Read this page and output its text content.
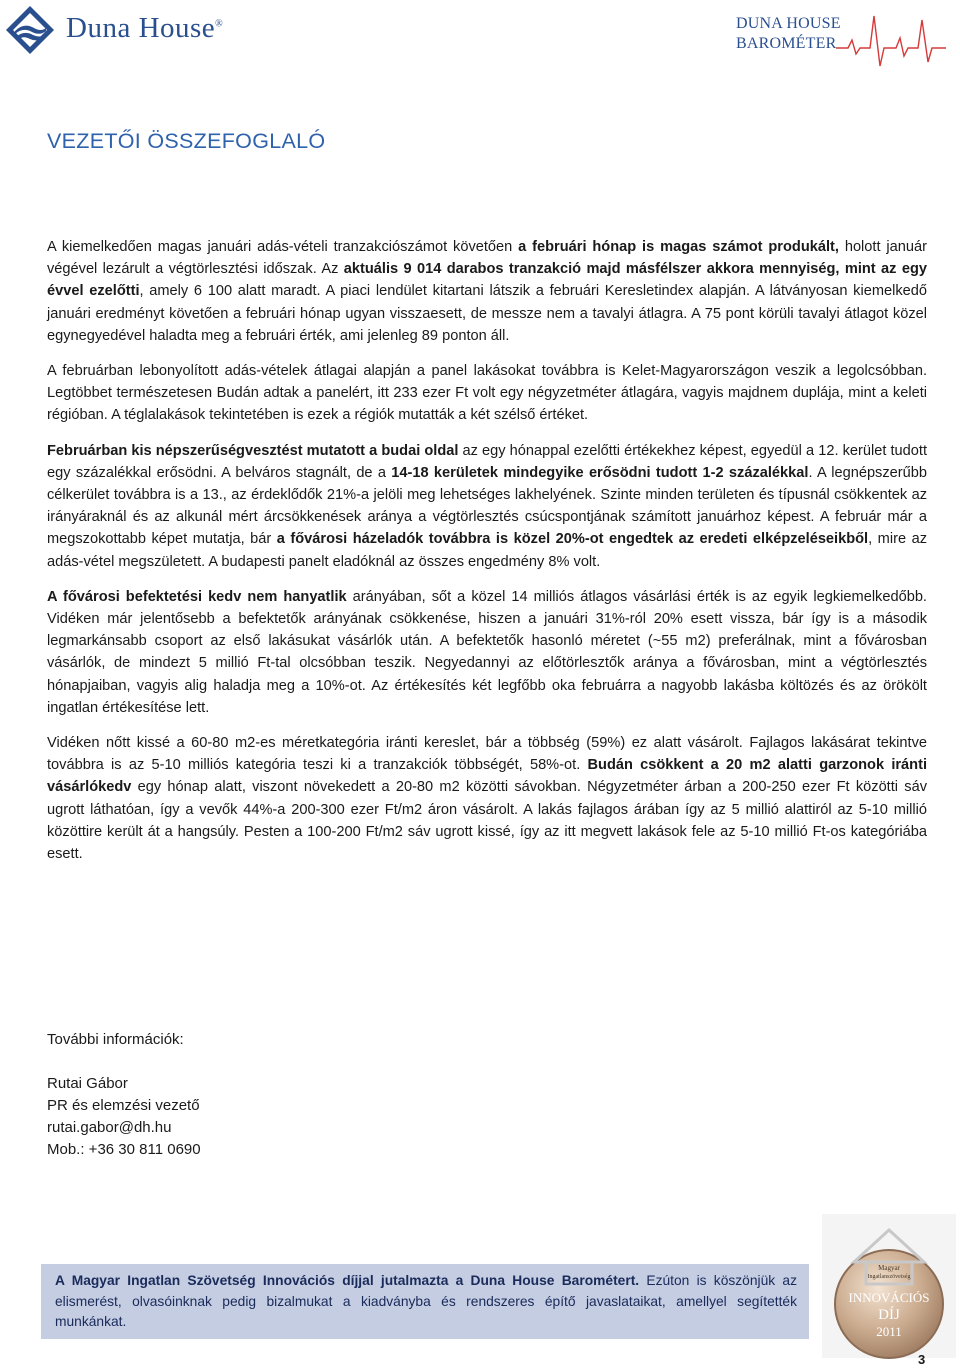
Duna House®	DUNA HOUSE
BAROMÉTER
VEZETŐI ÖSSZEFOGLALÓ

A kiemelkedően magas januári adás-vételi tranzakciószámot követően a februári hónap is magas számot produkált, holott január végével lezárult a végtörlesztési időszak. Az aktuális 9 014 darabos tranzakció majd másfélszer akkora mennyiség, mint az egy évvel ezelőtti, amely 6 100 alatt maradt. A piaci lendület kitartani látszik a februári Keresletindex alapján. A látványosan kiemelkedő januári eredményt követően a februári hónap ugyan visszaesett, de messze nem a tavalyi átlagra. A 75 pont körüli tavalyi átlagot közel egynegyedével haladta meg a februári érték, ami jelenleg 89 ponton áll.

A februárban lebonyolított adás-vételek átlagai alapján a panel lakásokat továbbra is Kelet-Magyarországon veszik a legolcsóbban. Legtöbbet természetesen Budán adtak a panelért, itt 233 ezer Ft volt egy négyzetméter átlagára, vagyis majdnem duplája, mint a keleti régióban. A téglalakások tekintetében is ezek a régiók mutatták a két szélső értéket.

Februárban kis népszerűségvesztést mutatott a budai oldal az egy hónappal ezelőtti értékekhez képest, egyedül a 12. kerület tudott egy százalékkal erősödni. A belváros stagnált, de a 14-18 kerületek mindegyike erősödni tudott 1-2 százalékkal. A legnépszerűbb célkerület továbbra is a 13., az érdeklődők 21%-a jelöli meg lehetséges lakhelyének. Szinte minden területen és típusnál csökkentek az irányáraknál és az alkunál mért árcsökkenések aránya a végtörlesztés csúcspontjának számított januárhoz képest. A február már a megszokottabb képet mutatja, bár a fővárosi házeladók továbbra is közel 20%-ot engedtek az eredeti elképzeléseikből, mire az adás-vétel megszületett. A budapesti panelt eladóknál az összes engedmény 8% volt.

A fővárosi befektetési kedv nem hanyatlik arányában, sőt a közel 14 milliós átlagos vásárlási érték is az egyik legkiemelkedőbb. Vidéken már jelentősebb a befektetők arányának csökkenése, hiszen a januári 31%-ról 20% esett vissza, bár így is a második legmarkánsabb csoport az első lakásukat vásárlók után. A befektetők hasonló méretet (~55 m2) preferálnak, mint a fővárosban vásárlók, de mindezt 5 millió Ft-tal olcsóbban teszik. Negyedannyi az előtörlesztők aránya a fővárosban, mint a végtörlesztés hónapjaiban, vagyis alig haladja meg a 10%-ot. Az értékesítés két legfőbb oka februárra a nagyobb lakásba költözés és az örökölt ingatlan értékesítése lett.

Vidéken nőtt kissé a 60-80 m2-es méretkategória iránti kereslet, bár a többség (59%) ez alatt vásárolt. Fajlagos lakásárat tekintve továbbra is az 5-10 milliós kategória teszi ki a tranzakciók többségét, 58%-ot. Budán csökkent a 20 m2 alatti garzonok iránti vásárlókedv egy hónap alatt, viszont növekedett a 20-80 m2 közötti sávokban. Négyzetméter árban a 200-250 ezer Ft közötti sáv ugrott láthatóan, így a vevők 44%-a 200-300 ezer Ft/m2 áron vásárolt. A lakás fajlagos árában így az 5 millió alattiról az 5-10 millió közöttire került át a hangsúly. Pesten a 100-200 Ft/m2 sáv ugrott kissé, így az itt megvett lakások fele az 5-10 millió Ft-os kategóriába esett.

További információk:
Rutai Gábor
PR és elemzési vezető
rutai.gabor@dh.hu
Mob.: +36 30 811 0690
A Magyar Ingatlan Szövetség Innovációs díjjal jutalmazta a Duna House Barométert. Ezúton is köszönjük az elismerést, olvasóinknak pedig bizalmukat a kiadványba és rendszeres építő javaslataikat, amellyel segítették munkánkat.
Magyar
Ingatlanszövetség
INNOVÁCIÓS
DÍJ
2011
3
